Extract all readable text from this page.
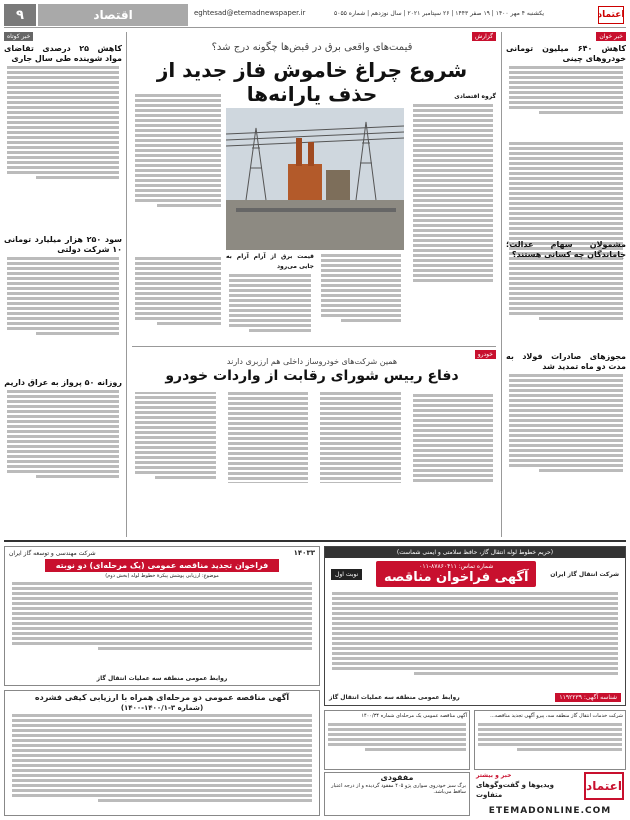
۹	اقتصاد	eghtesad@etemadnewspaper.ir	یکشنبه ۴ مهر ۱۴۰۰ | ۱۹ صفر ۱۴۴۳ | ۲۶ سپتامبر ۲۰۲۱ | سال نوزدهم | شماره ۵۰۵۵	اعتماد
خبر خوان
کاهش ۶۴۰ میلیون تومانی خودروهای چینی
مشمولان سهام عدالت؛ جاماندگان چه کسانی هستند؟
مجوزهای صادرات فولاد به مدت دو ماه تمدید شد
خبر کوتاه
کاهش ۲۵ درصدی تقاضای مواد شوینده طی سال جاری
سود ۲۵۰ هزار میلیارد تومانی ۱۰ شرکت دولتی
روزانه ۵۰ پرواز به عراق داریم
گزارش
قیمت‌های واقعی برق در قبض‌ها چگونه درج شد؟
شروع چراغ خاموش فاز جدید از حذف یارانه‌ها	گروه اقتصادی
قیمت برق از آرام آرام به جایی می‌رود
خودرو
همین شرکت‌های خودروساز داخلی هم ارزبری دارند
دفاع رییس شورای رقابت از واردات خودرو
(حریم خطوط لوله انتقال گاز، حافظ سلامتی و ایمنی شماست)
شرکت انتقال گاز ایران
شماره تماس: ۸۷۸۶۰۴۱۱-۰۱۱
آگهی فراخوان مناقصه
نوبت اول
شناسه آگهی: ۱۱۹۲۲۳۹
روابط عمومی منطقه سه عملیات انتقال گاز
۱۴۰۳۳
شرکت مهندسی و توسعه گاز ایران
فراخوان تجدید مناقصه عمومی (یک مرحله‌ای) دو نوبته
موضوع: ارزیابی پوشش پیکرهٔ خطوط لوله (بخش دوم)
روابط عمومی منطقه سه عملیات انتقال گاز
آگهی مناقصه عمومی دو مرحله‌ای همراه با ارزیابی کیفی فشرده
(شماره ۳-۱۴۰۰/۱-۱۴۰۰)
شرکت خدمات انتقال گاز منطقه سه، پیرو آگهی تجدید مناقصه...
آگهی مناقصه عمومی یک مرحله‌ای شماره ۱۴۰۰/۳۴
مفقودی
برگ سبز خودروی سواری پژو ۴۰۵ مفقود گردیده و از درجه اعتبار ساقط می‌باشد.	اعتماد
خبر و بیشتر
ویدیوها و گفت‌وگوهای
متفاوت
ETEMADONLINE.COM
